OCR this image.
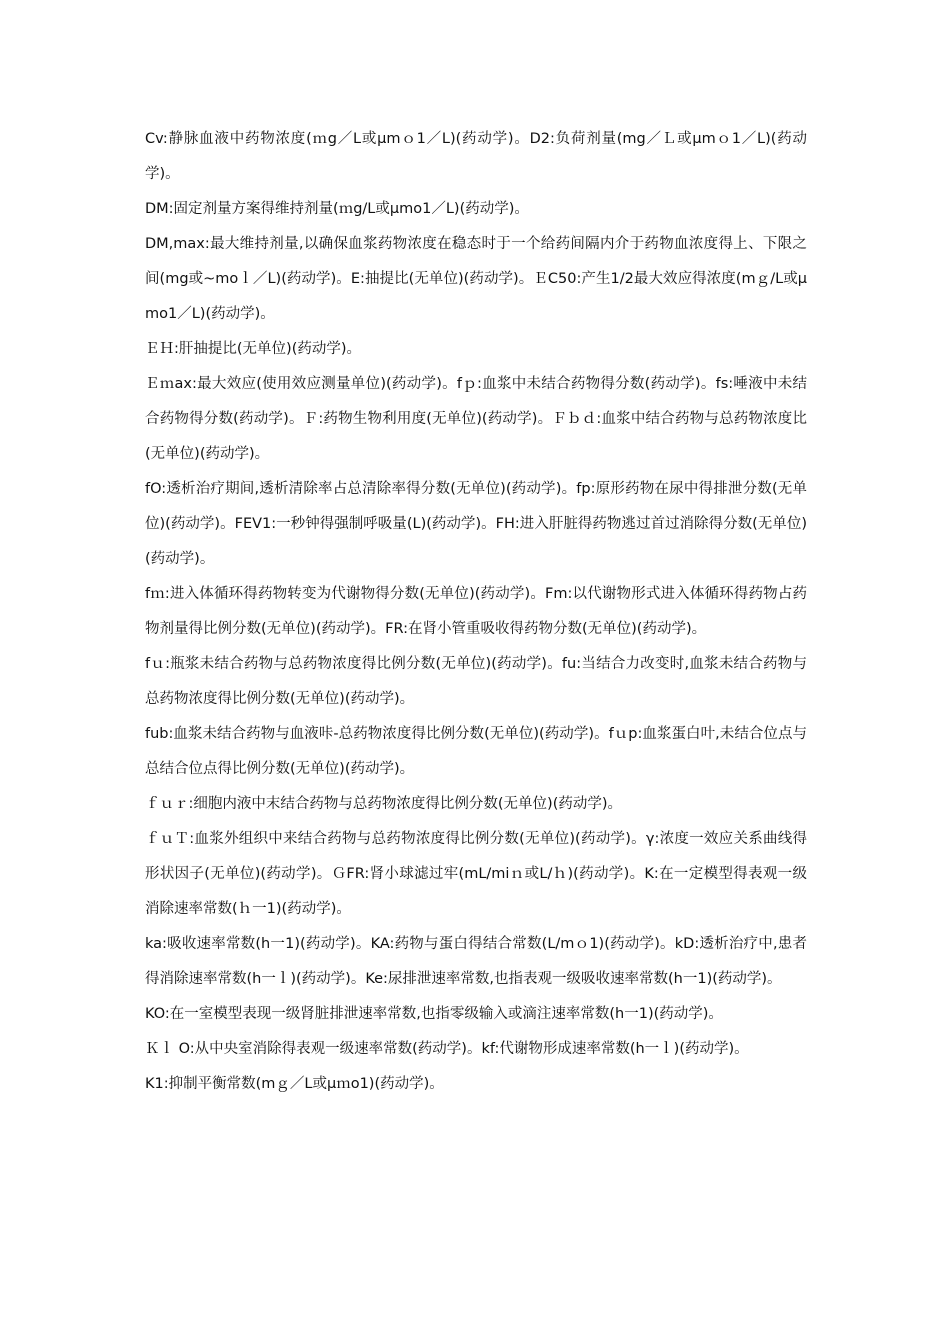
Cv:静脉血液中药物浓度(ｍg／L或μmｏ1／L)(药动学)。D2:负荷剂量(mg／Ｌ或μmｏ1／L)(药动学)。

DM:固定剂量方案得维持剂量(ｍg/L或μmo1／L)(药动学)。

DM,max:最大维持剂量,以确保血浆药物浓度在稳态时于一个给药间隔内介于药物血浓度得上、下限之间(mg或~moｌ／L)(药动学)。E:抽提比(无单位)(药动学)。ＥC50:产生1/2最大效应得浓度(mｇ/L或μmo1／L)(药动学)。

ＥＨ:肝抽提比(无单位)(药动学)。

Ｅｍax:最大效应(使用效应测量单位)(药动学)。fｐ:血浆中未结合药物得分数(药动学)。fs:唾液中未结合药物得分数(药动学)。Ｆ:药物生物利用度(无单位)(药动学)。Ｆｂｄ:血浆中结合药物与总药物浓度比(无单位)(药动学)。

fO:透析治疗期间,透析清除率占总清除率得分数(无单位)(药动学)。fp:原形药物在尿中得排泄分数(无单位)(药动学)。FEV1:一秒钟得强制呼吸量(L)(药动学)。FH:进入肝脏得药物逃过首过消除得分数(无单位)(药动学)。

fｍ:进入体循环得药物转变为代谢物得分数(无单位)(药动学)。Fm:以代谢物形式进入体循环得药物占药物剂量得比例分数(无单位)(药动学)。FR:在肾小管重吸收得药物分数(无单位)(药动学)。

fｕ:瓶浆未结合药物与总药物浓度得比例分数(无单位)(药动学)。fu:当结合力改变时,血浆未结合药物与总药物浓度得比例分数(无单位)(药动学)。

fub:血浆未结合药物与血液咔-总药物浓度得比例分数(无单位)(药动学)。fｕp:血浆蛋白叶,未结合位点与总结合位点得比例分数(无单位)(药动学)。

ｆｕｒ:细胞内液中末结合药物与总药物浓度得比例分数(无单位)(药动学)。

ｆｕＴ:血浆外组织中来结合药物与总药物浓度得比例分数(无单位)(药动学)。γ:浓度一效应关系曲线得形状因子(无单位)(药动学)。ＧFR:肾小球滤过牢(mL/miｎ或L/ｈ)(药动学)。K:在一定模型得表观一级消除速率常数(ｈ一1)(药动学)。

ka:吸收速率常数(h一1)(药动学)。KA:药物与蛋白得结合常数(L/mｏ1)(药动学)。kD:透析治疗中,患者得消除速率常数(h一ｌ)(药动学)。Ke:尿排泄速率常数,也指表观一级吸收速率常数(h一1)(药动学)。

KO:在一室模型表现一级肾脏排泄速率常数,也指零级输入或滴注速率常数(h一1)(药动学)。

Ｋｌ O:从中央室消除得表观一级速率常数(药动学)。kf:代谢物形成速率常数(h一ｌ)(药动学)。

K1:抑制平衡常数(mｇ／L或μｍo1)(药动学)。
